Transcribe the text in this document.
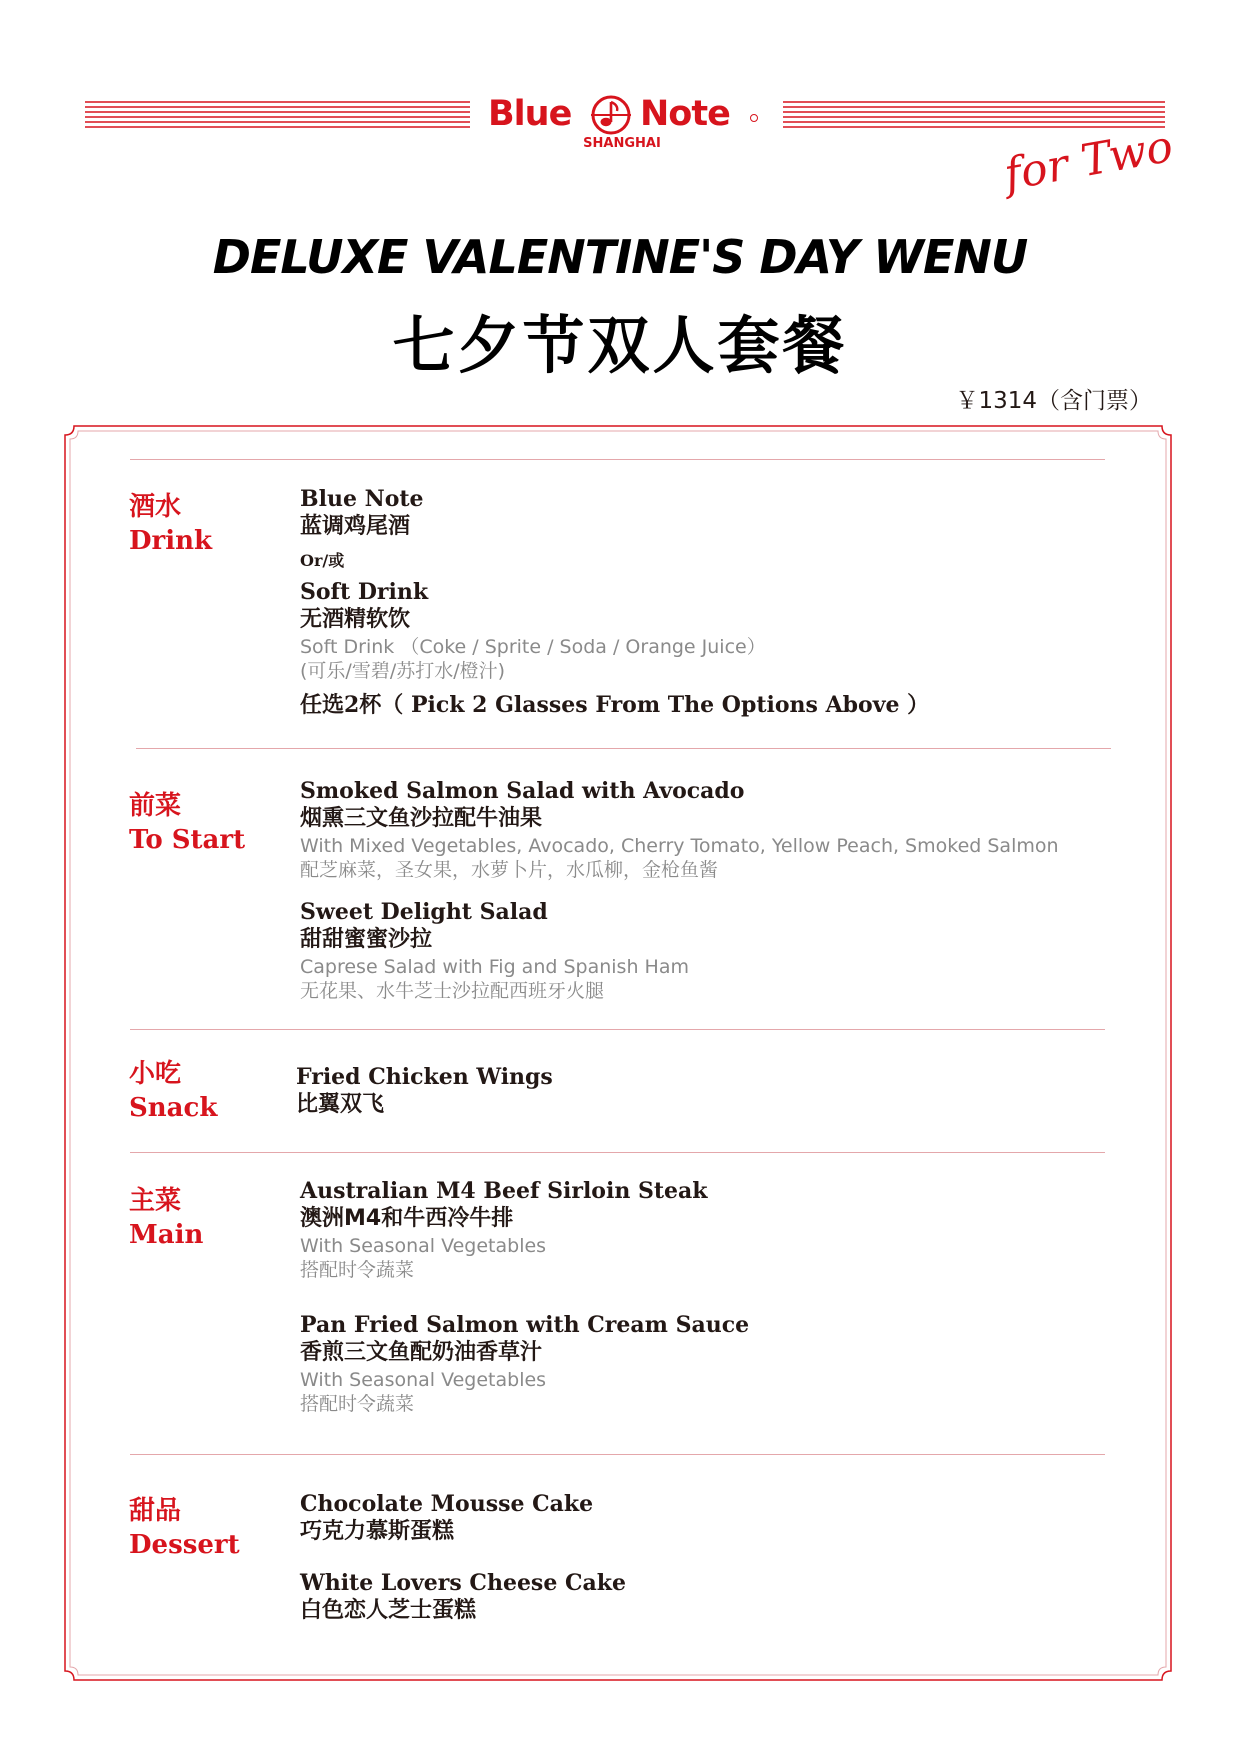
Blue Note
SHANGHAI	for Two
DELUXE VALENTINE'S DAY WENU
七夕节双人套餐
￥1314（含门票）
酒水
Drink
Blue Note
蓝调鸡尾酒
Or/或
Soft Drink
无酒精软饮
Soft Drink （Coke / Sprite / Soda / Orange Juice）
(可乐/雪碧/苏打水/橙汁)
任选2杯（ Pick 2 Glasses From The Options Above ）
前菜
To Start
Smoked Salmon Salad with Avocado
烟熏三文鱼沙拉配牛油果
With Mixed Vegetables, Avocado, Cherry Tomato, Yellow Peach, Smoked Salmon
配芝麻菜，圣女果，水萝卜片，水瓜柳，金枪鱼酱
Sweet Delight Salad
甜甜蜜蜜沙拉
Caprese Salad with Fig and Spanish Ham
无花果、水牛芝士沙拉配西班牙火腿
小吃
Snack
Fried Chicken Wings
比翼双飞
主菜
Main
Australian M4 Beef Sirloin Steak
澳洲M4和牛西冷牛排
With Seasonal Vegetables
搭配时令蔬菜
Pan Fried Salmon with Cream Sauce
香煎三文鱼配奶油香草汁
With Seasonal Vegetables
搭配时令蔬菜
甜品
Dessert
Chocolate Mousse Cake
巧克力慕斯蛋糕
White Lovers Cheese Cake
白色恋人芝士蛋糕
